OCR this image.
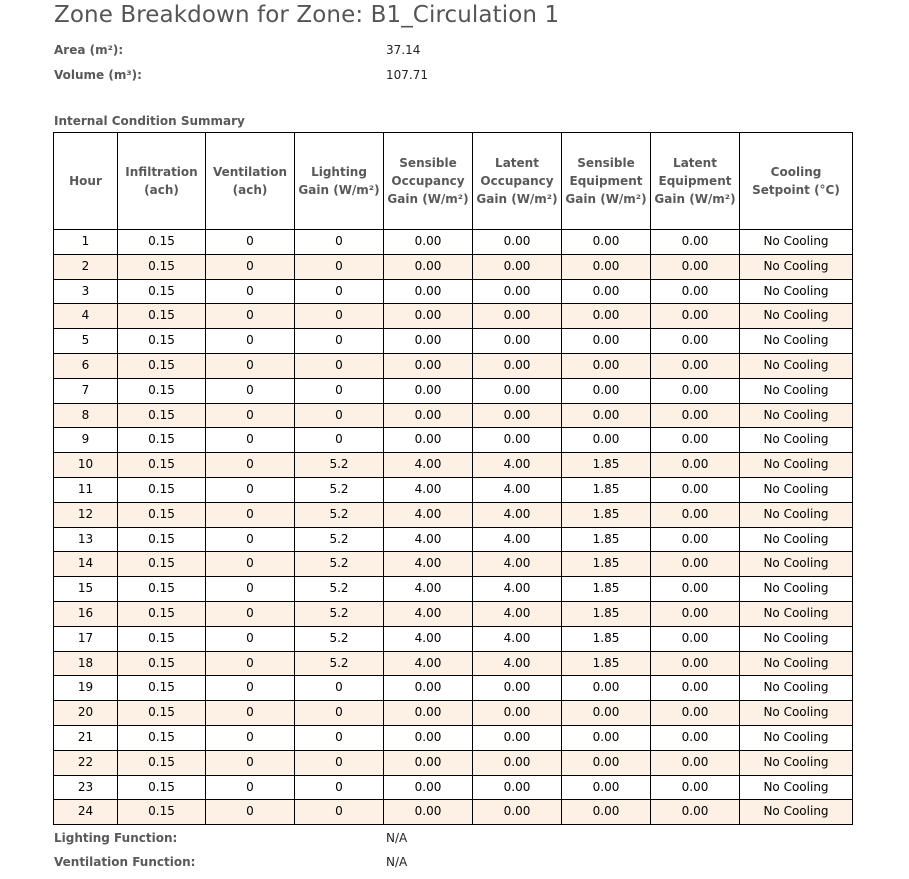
Zone Breakdown for Zone: B1_Circulation 1
Area (m²):	37.14
Volume (m³):	107.71
Internal Condition Summary
Hour	Infiltration (ach)	Ventilation (ach)	Lighting Gain (W/m²)	Sensible Occupancy Gain (W/m²)	Latent Occupancy Gain (W/m²)	Sensible Equipment Gain (W/m²)	Latent Equipment Gain (W/m²)	Cooling Setpoint (°C)
1	0.15	0	0	0.00	0.00	0.00	0.00	No Cooling
2	0.15	0	0	0.00	0.00	0.00	0.00	No Cooling
3	0.15	0	0	0.00	0.00	0.00	0.00	No Cooling
4	0.15	0	0	0.00	0.00	0.00	0.00	No Cooling
5	0.15	0	0	0.00	0.00	0.00	0.00	No Cooling
6	0.15	0	0	0.00	0.00	0.00	0.00	No Cooling
7	0.15	0	0	0.00	0.00	0.00	0.00	No Cooling
8	0.15	0	0	0.00	0.00	0.00	0.00	No Cooling
9	0.15	0	0	0.00	0.00	0.00	0.00	No Cooling
10	0.15	0	5.2	4.00	4.00	1.85	0.00	No Cooling
11	0.15	0	5.2	4.00	4.00	1.85	0.00	No Cooling
12	0.15	0	5.2	4.00	4.00	1.85	0.00	No Cooling
13	0.15	0	5.2	4.00	4.00	1.85	0.00	No Cooling
14	0.15	0	5.2	4.00	4.00	1.85	0.00	No Cooling
15	0.15	0	5.2	4.00	4.00	1.85	0.00	No Cooling
16	0.15	0	5.2	4.00	4.00	1.85	0.00	No Cooling
17	0.15	0	5.2	4.00	4.00	1.85	0.00	No Cooling
18	0.15	0	5.2	4.00	4.00	1.85	0.00	No Cooling
19	0.15	0	0	0.00	0.00	0.00	0.00	No Cooling
20	0.15	0	0	0.00	0.00	0.00	0.00	No Cooling
21	0.15	0	0	0.00	0.00	0.00	0.00	No Cooling
22	0.15	0	0	0.00	0.00	0.00	0.00	No Cooling
23	0.15	0	0	0.00	0.00	0.00	0.00	No Cooling
24	0.15	0	0	0.00	0.00	0.00	0.00	No Cooling
Lighting Function:	N/A
Ventilation Function:	N/A
